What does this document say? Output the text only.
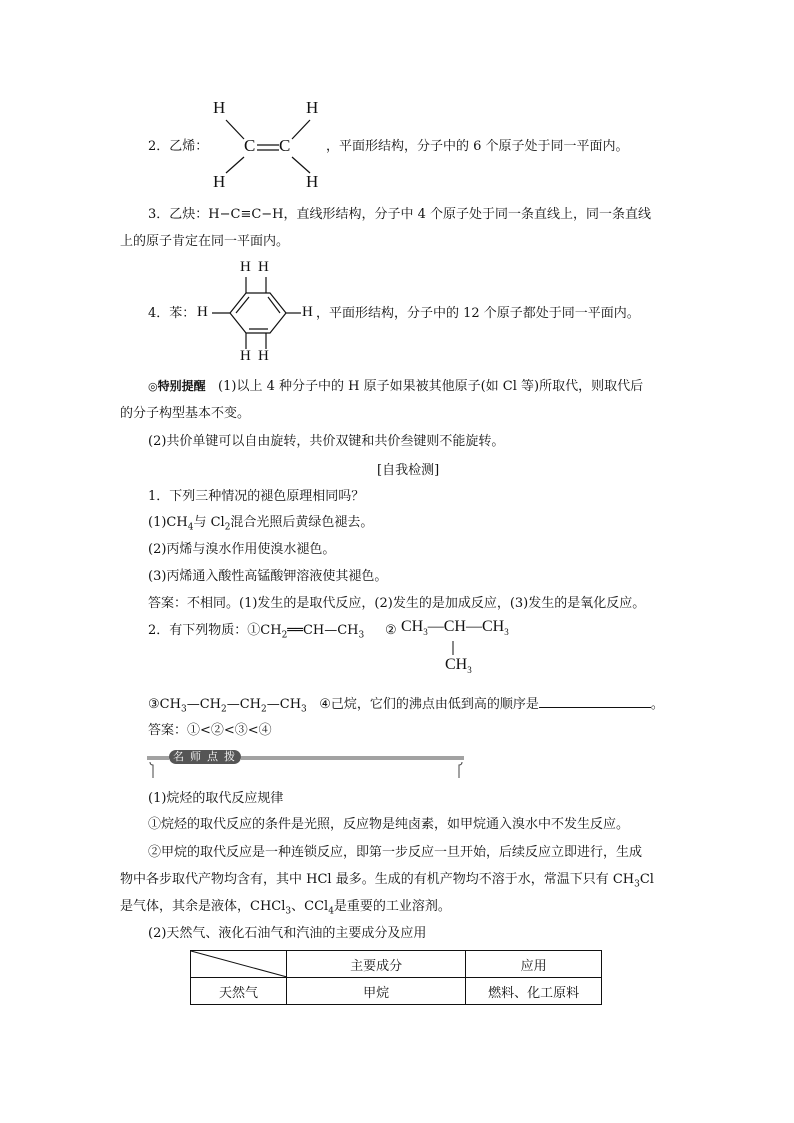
2．乙烯：
H	H
C C
H	H
，平面形结构，分子中的 6 个原子处于同一平面内。
3．乙炔：H−C≡C−H，直线形结构，分子中 4 个原子处于同一条直线上，同一条直线
上的原子肯定在同一平面内。
4．苯：
H H
H	H
H H
，平面形结构，分子中的 12 个原子都处于同一平面内。
◎特别提醒 (1)以上 4 种分子中的 H 原子如果被其他原子(如 Cl 等)所取代，则取代后
的分子构型基本不变。
(2)共价单键可以自由旋转，共价双键和共价叁键则不能旋转。
[自我检测]
1．下列三种情况的褪色原理相同吗？
$(1)CH_4$与 $Cl_2$混合光照后黄绿色褪去。
(2)丙烯与溴水作用使溴水褪色。
(3)丙烯通入酸性高锰酸钾溶液使其褪色。
答案：不相同。(1)发生的是取代反应，(2)发生的是加成反应，(3)发生的是氧化反应。
2．有下列物质：$①CH_2══CH—CH_3$ ② $CH_3—CH—CH_3$
$CH_3$
$③CH_3—CH_2—CH_2—CH_3$ ④己烷，它们的沸点由低到高的顺序是	。
答案：①<②<③<④
名师点拨
(1)烷烃的取代反应规律
①烷烃的取代反应的条件是光照，反应物是纯卤素，如甲烷通入溴水中不发生反应。
②甲烷的取代反应是一种连锁反应，即第一步反应一旦开始，后续反应立即进行，生成
物中各步取代产物均含有，其中 HCl 最多。生成的有机产物均不溶于水，常温下只有 $CH_3Cl$
是气体，其余是液体，CHCl$_3$、CCl$_4$是重要的工业溶剂。
(2)天然气、液化石油气和汽油的主要成分及应用
	主要成分	应用
天然气	甲烷	燃料、化工原料
